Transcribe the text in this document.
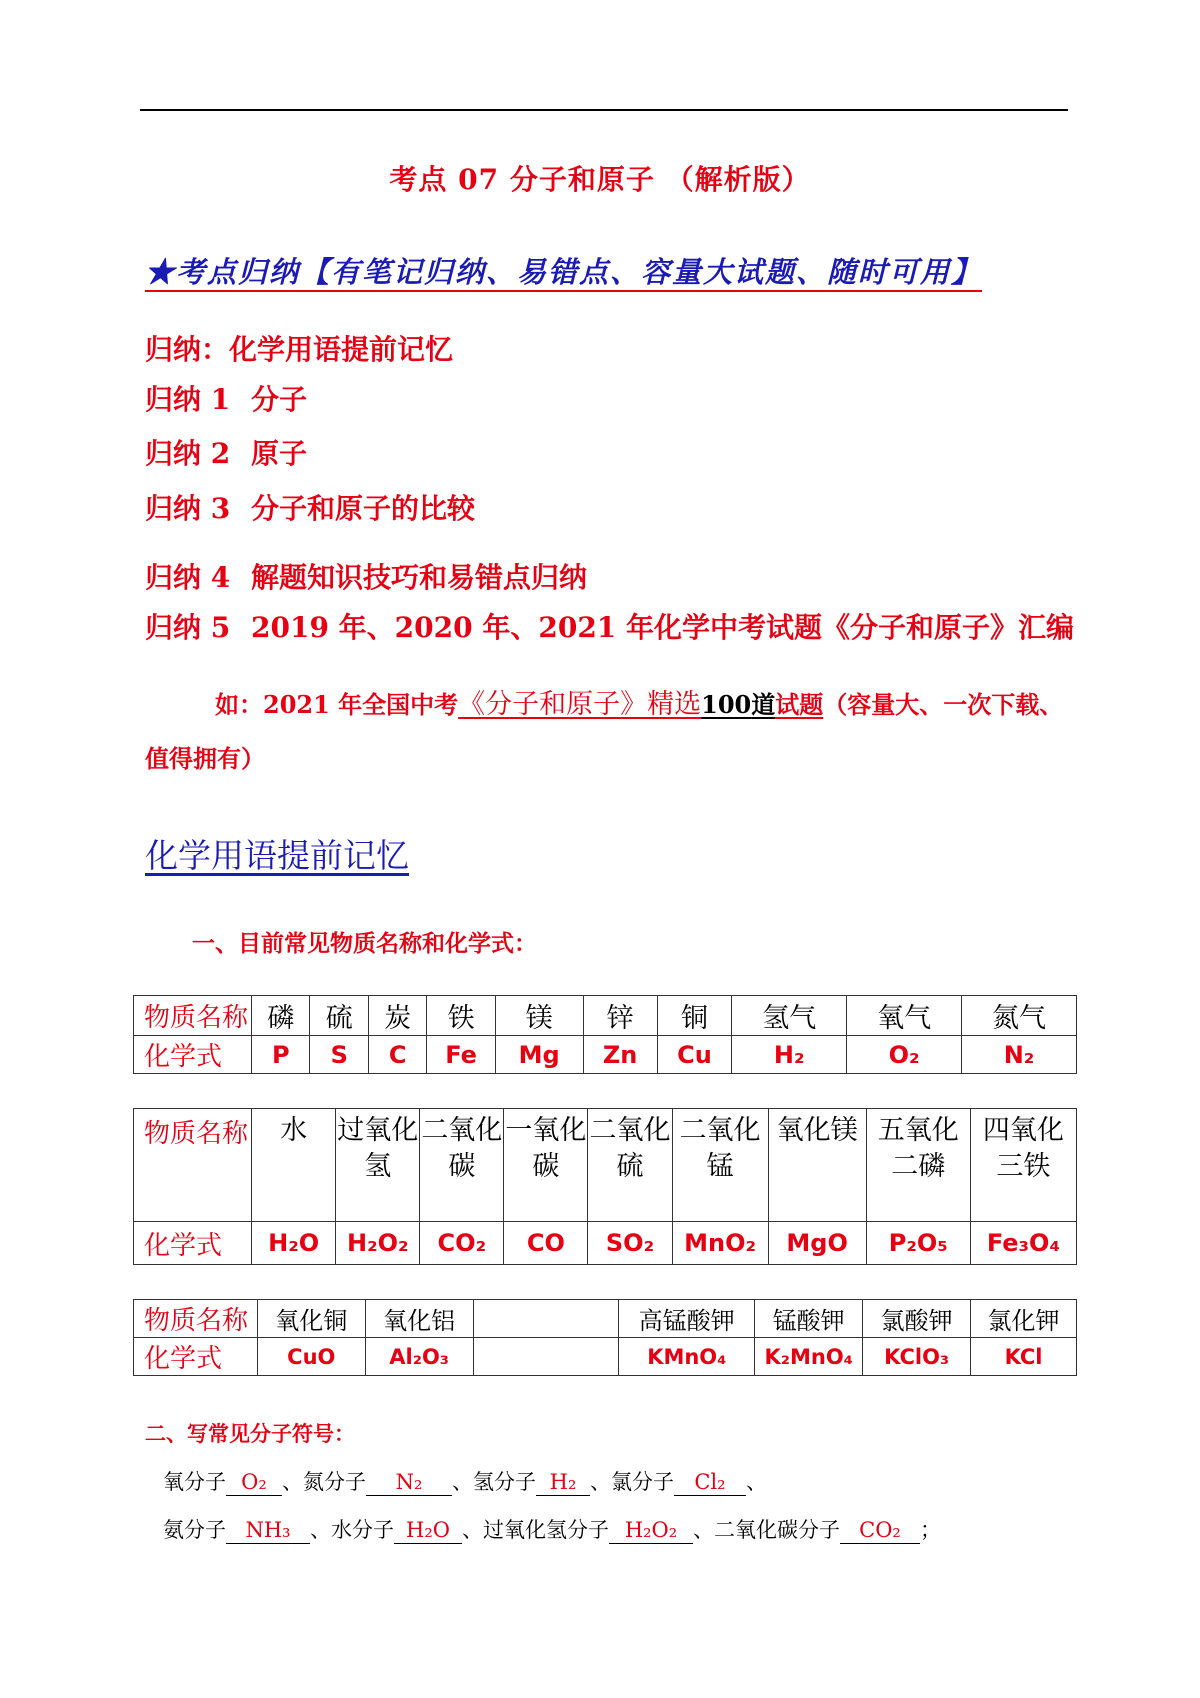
考点 07 分子和原子 （解析版）
★考点归纳【有笔记归纳、易错点、容量大试题、随时可用】
归纳：化学用语提前记忆
归纳 1 分子
归纳 2 原子
归纳 3 分子和原子的比较
归纳 4 解题知识技巧和易错点归纳
归纳 5 2019 年、2020 年、2021 年化学中考试题《分子和原子》汇编
如：2021 年全国中考《分子和原子》精选100道试题（容量大、一次下载、值得拥有）
化学用语提前记忆
一、目前常见物质名称和化学式：
物质名称	磷	硫	炭	铁	镁	锌	铜	氢气	氧气	氮气
化学式	P	S	C	Fe	Mg	Zn	Cu	H₂	O₂	N₂
物质名称	水	过氧化氢	二氧化碳	一氧化碳	二氧化硫	二氧化锰	氧化镁	五氧化二磷	四氧化三铁
化学式	H₂O	H₂O₂	CO₂	CO	SO₂	MnO₂	MgO	P₂O₅	Fe₃O₄
物质名称	氧化铜	氧化铝		高锰酸钾	锰酸钾	氯酸钾	氯化钾
化学式	CuO	Al₂O₃		KMnO₄	K₂MnO₄	KClO₃	KCl
二、写常见分子符号：
氧分子 O₂ 、氮分子 N₂ 、氢分子 H₂ 、氯分子 Cl₂ 、
氨分子 NH₃ 、水分子 H₂O 、过氧化氢分子 H₂O₂ 、二氧化碳分子 CO₂ ；
